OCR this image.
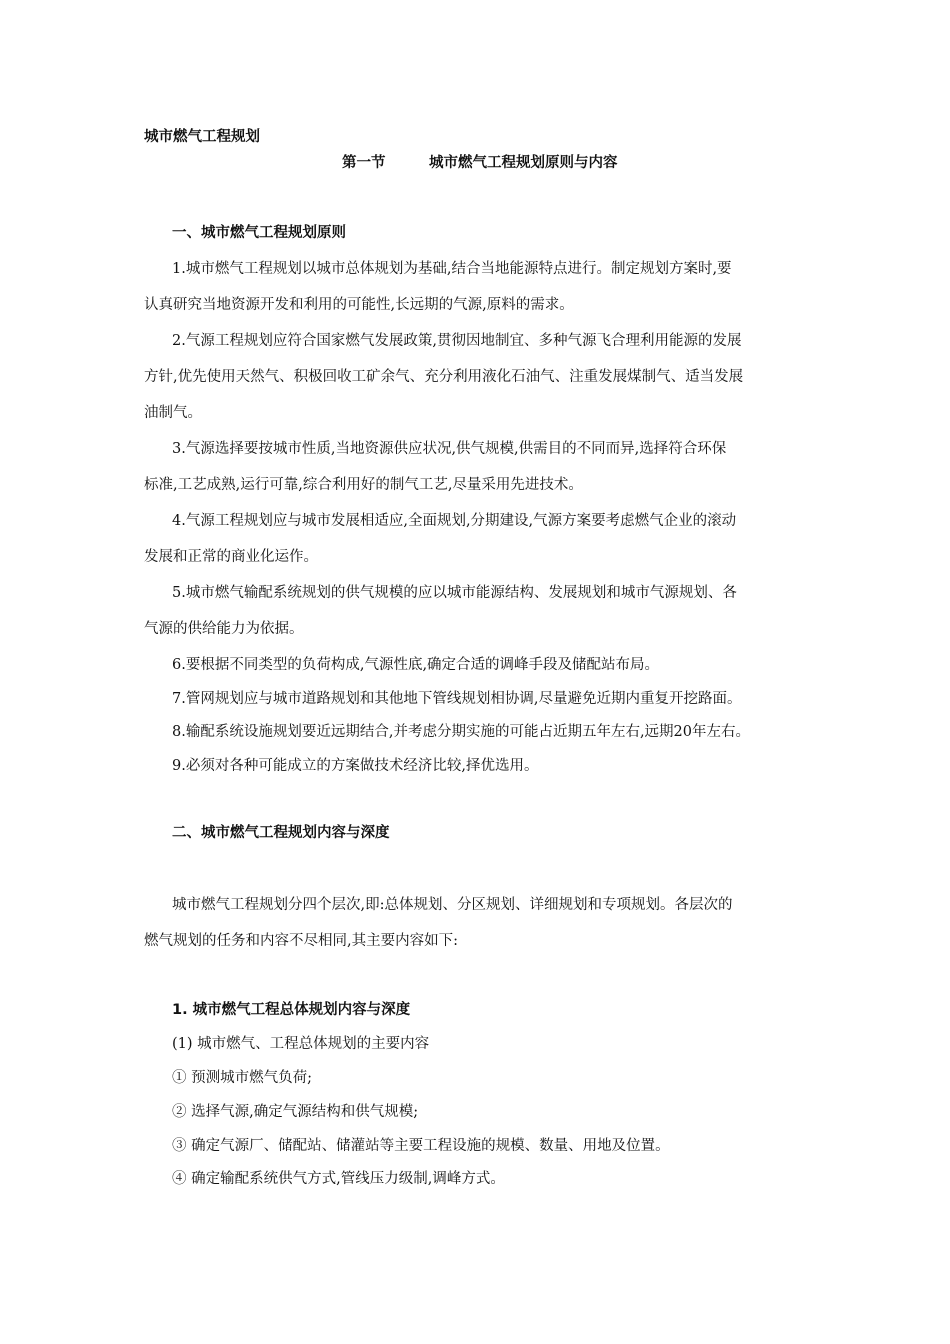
城市燃气工程规划
第一节	城市燃气工程规划原则与内容
一、城市燃气工程规划原则
1.城市燃气工程规划以城市总体规划为基础,结合当地能源特点进行。制定规划方案时,要
认真研究当地资源开发和利用的可能性,长远期的气源,原料的需求。
2.气源工程规划应符合国家燃气发展政策,贯彻因地制宜、多种气源飞合理利用能源的发展
方针,优先使用天然气、积极回收工矿余气、充分利用液化石油气、注重发展煤制气、适当发展
油制气。
3.气源选择要按城市性质,当地资源供应状况,供气规模,供需目的不同而异,选择符合环保
标准,工艺成熟,运行可靠,综合利用好的制气工艺,尽量采用先进技术。
4.气源工程规划应与城市发展相适应,全面规划,分期建设,气源方案要考虑燃气企业的滚动
发展和正常的商业化运作。
5.城市燃气输配系统规划的供气规模的应以城市能源结构、发展规划和城市气源规划、各
气源的供给能力为依据。
6.要根据不同类型的负荷构成,气源性底,确定合适的调峰手段及储配站布局。
7.管网规划应与城市道路规划和其他地下管线规划相协调,尽量避免近期内重复开挖路面。
8.输配系统设施规划要近远期结合,并考虑分期实施的可能占近期五年左右,远期20年左右。
9.必须对各种可能成立的方案做技术经济比较,择优选用。
二、城市燃气工程规划内容与深度
城市燃气工程规划分四个层次,即:总体规划、分区规划、详细规划和专项规划。各层次的
燃气规划的任务和内容不尽相同,其主要内容如下:
1. 城市燃气工程总体规划内容与深度
(1) 城市燃气、工程总体规划的主要内容
① 预测城市燃气负荷;
② 选择气源,确定气源结构和供气规模;
③ 确定气源厂、储配站、储灌站等主要工程设施的规模、数量、用地及位置。
④ 确定输配系统供气方式,管线压力级制,调峰方式。
